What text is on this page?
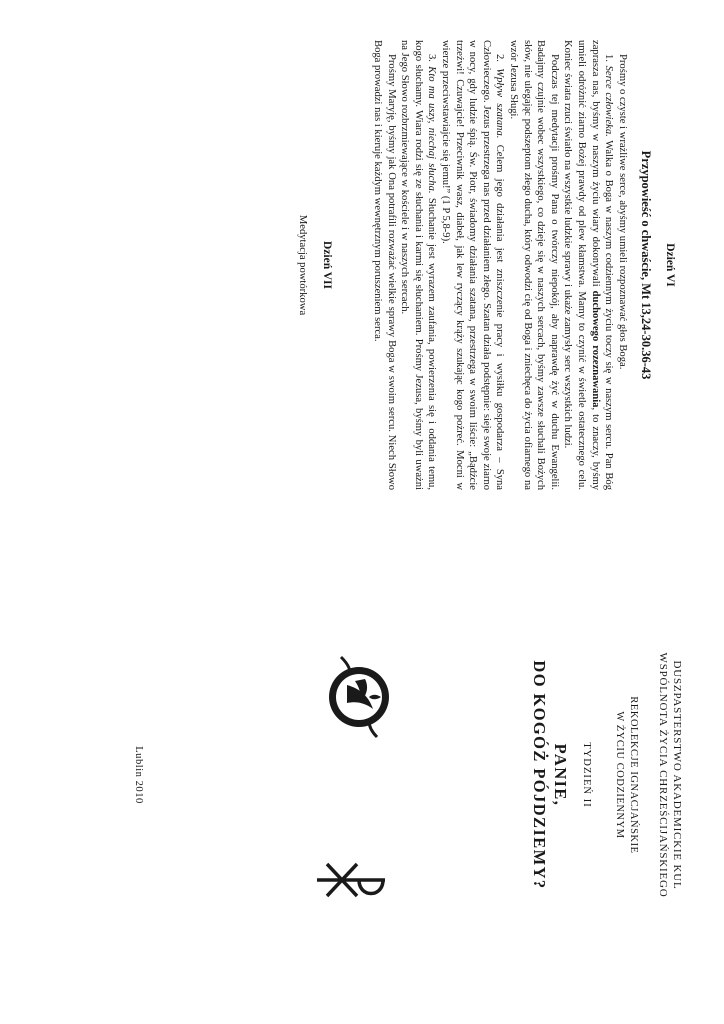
Dzień VI
Przypowieść o chwaście, Mt 13,24-30.36-43

Prośmy o czyste i wrażliwe serce, abyśmy umieli rozpoznawać głos Boga.

1. Serce człowieka. Walka o Boga w naszym codziennym życiu toczy się w naszym sercu. Pan Bóg zaprasza nas, byśmy w naszym życiu wiary dokonywali duchowego rozeznawania, to znaczy, byśmy umieli odróżnić ziarno Bożej prawdy od plew kłamstwa. Mamy to czynić w świetle ostatecznego celu. Koniec świata rzuci światło na wszystkie ludzkie sprawy i ukaże zamysły serc wszystkich ludzi.

Podczas tej medytacji prośmy Pana o twórczy niepokój, aby naprawdę żyć w duchu Ewangelii. Badajmy czujnie wobec wszystkiego, co dzieje się w naszych sercach, byśmy zawsze słuchali Bożych słów, nie ulegając podszeptom złego ducha, który odwodzi cię od Boga i zniechęca do życia ofiarnego na wzór Jezusa Sługi.

2. Wpływ szatana. Celem jego działania jest zniszczenie pracy i wysiłku gospodarza – Syna Człowieczego. Jezus przestrzega nas przed działaniem złego. Szatan działa podstępnie: sieje swoje ziarno w nocy, gdy ludzie śpią. Św. Piotr, świadomy działania szatana, przestrzega w swoim liście: „Bądźcie trzeźwi! Czuwajcie! Przeciwnik wasz, diabeł, jak lew ryczący krąży szukając kogo pożreć. Mocni w wierze przeciwstawiajcie się jemu!” (1 P 5,8-9).

3. Kto ma uszy, niechaj słucha. Słuchanie jest wyrazem zaufania, powierzenia się i oddania temu, kogo słuchamy. Wiara rodzi się ze słuchania i karmi się słuchaniem. Prośmy Jezusa, byśmy byli uważni na Jego Słowo rozbrzmiewające w kościele i w naszych sercach.

Prośmy Maryję, byśmy jak Ona potrafili rozważać wielkie sprawy Boga w swoim sercu. Niech Słowo Boga prowadzi nas i kieruje każdym wewnętrznym poruszeniem serca.

Dzień VII
Medytacja powtórkowa

DUSZPASTERSTWO AKADEMICKIE KUL

WSPÓLNOTA ŻYCIA CHRZEŚCIJAŃSKIEGO

REKOLEKCJE IGNACJAŃSKIE
W ŻYCIU CODZIENNYM

TYDZIEŃ II

PANIE,
DO KOGÓŻ PÓJDZIEMY?

Lublin 2010
